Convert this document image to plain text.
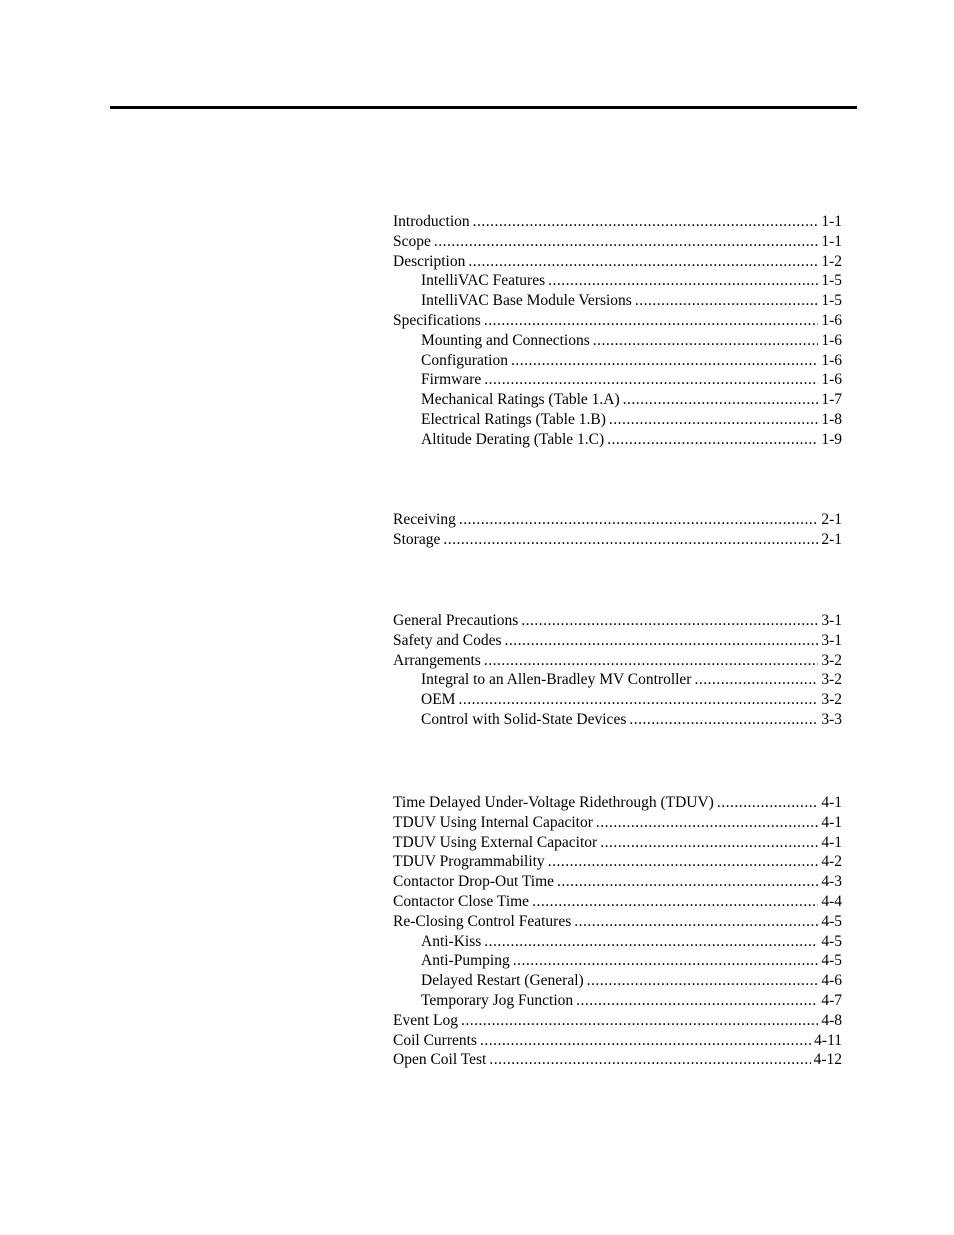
Introduction .....	1-1
Scope .....	1-1
Description .....	1-2
IntelliVAC Features .....	1-5
IntelliVAC Base Module Versions .....	1-5
Specifications .....	1-6
Mounting and Connections .....	1-6
Configuration .....	1-6
Firmware .....	1-6
Mechanical Ratings (Table 1.A) .....	1-7
Electrical Ratings (Table 1.B) .....	1-8
Altitude Derating (Table 1.C) .....	1-9
Receiving .....	2-1
Storage .....	2-1
General Precautions .....	3-1
Safety and Codes .....	3-1
Arrangements .....	3-2
Integral to an Allen-Bradley MV Controller .....	3-2
OEM .....	3-2
Control with Solid-State Devices .....	3-3
Time Delayed Under-Voltage Ridethrough (TDUV) .....	4-1
TDUV Using Internal Capacitor .....	4-1
TDUV Using External Capacitor .....	4-1
TDUV Programmability .....	4-2
Contactor Drop-Out Time .....	4-3
Contactor Close Time .....	4-4
Re-Closing Control Features .....	4-5
Anti-Kiss .....	4-5
Anti-Pumping .....	4-5
Delayed Restart (General) .....	4-6
Temporary Jog Function .....	4-7
Event Log .....	4-8
Coil Currents .....	4-11
Open Coil Test .....	4-12
